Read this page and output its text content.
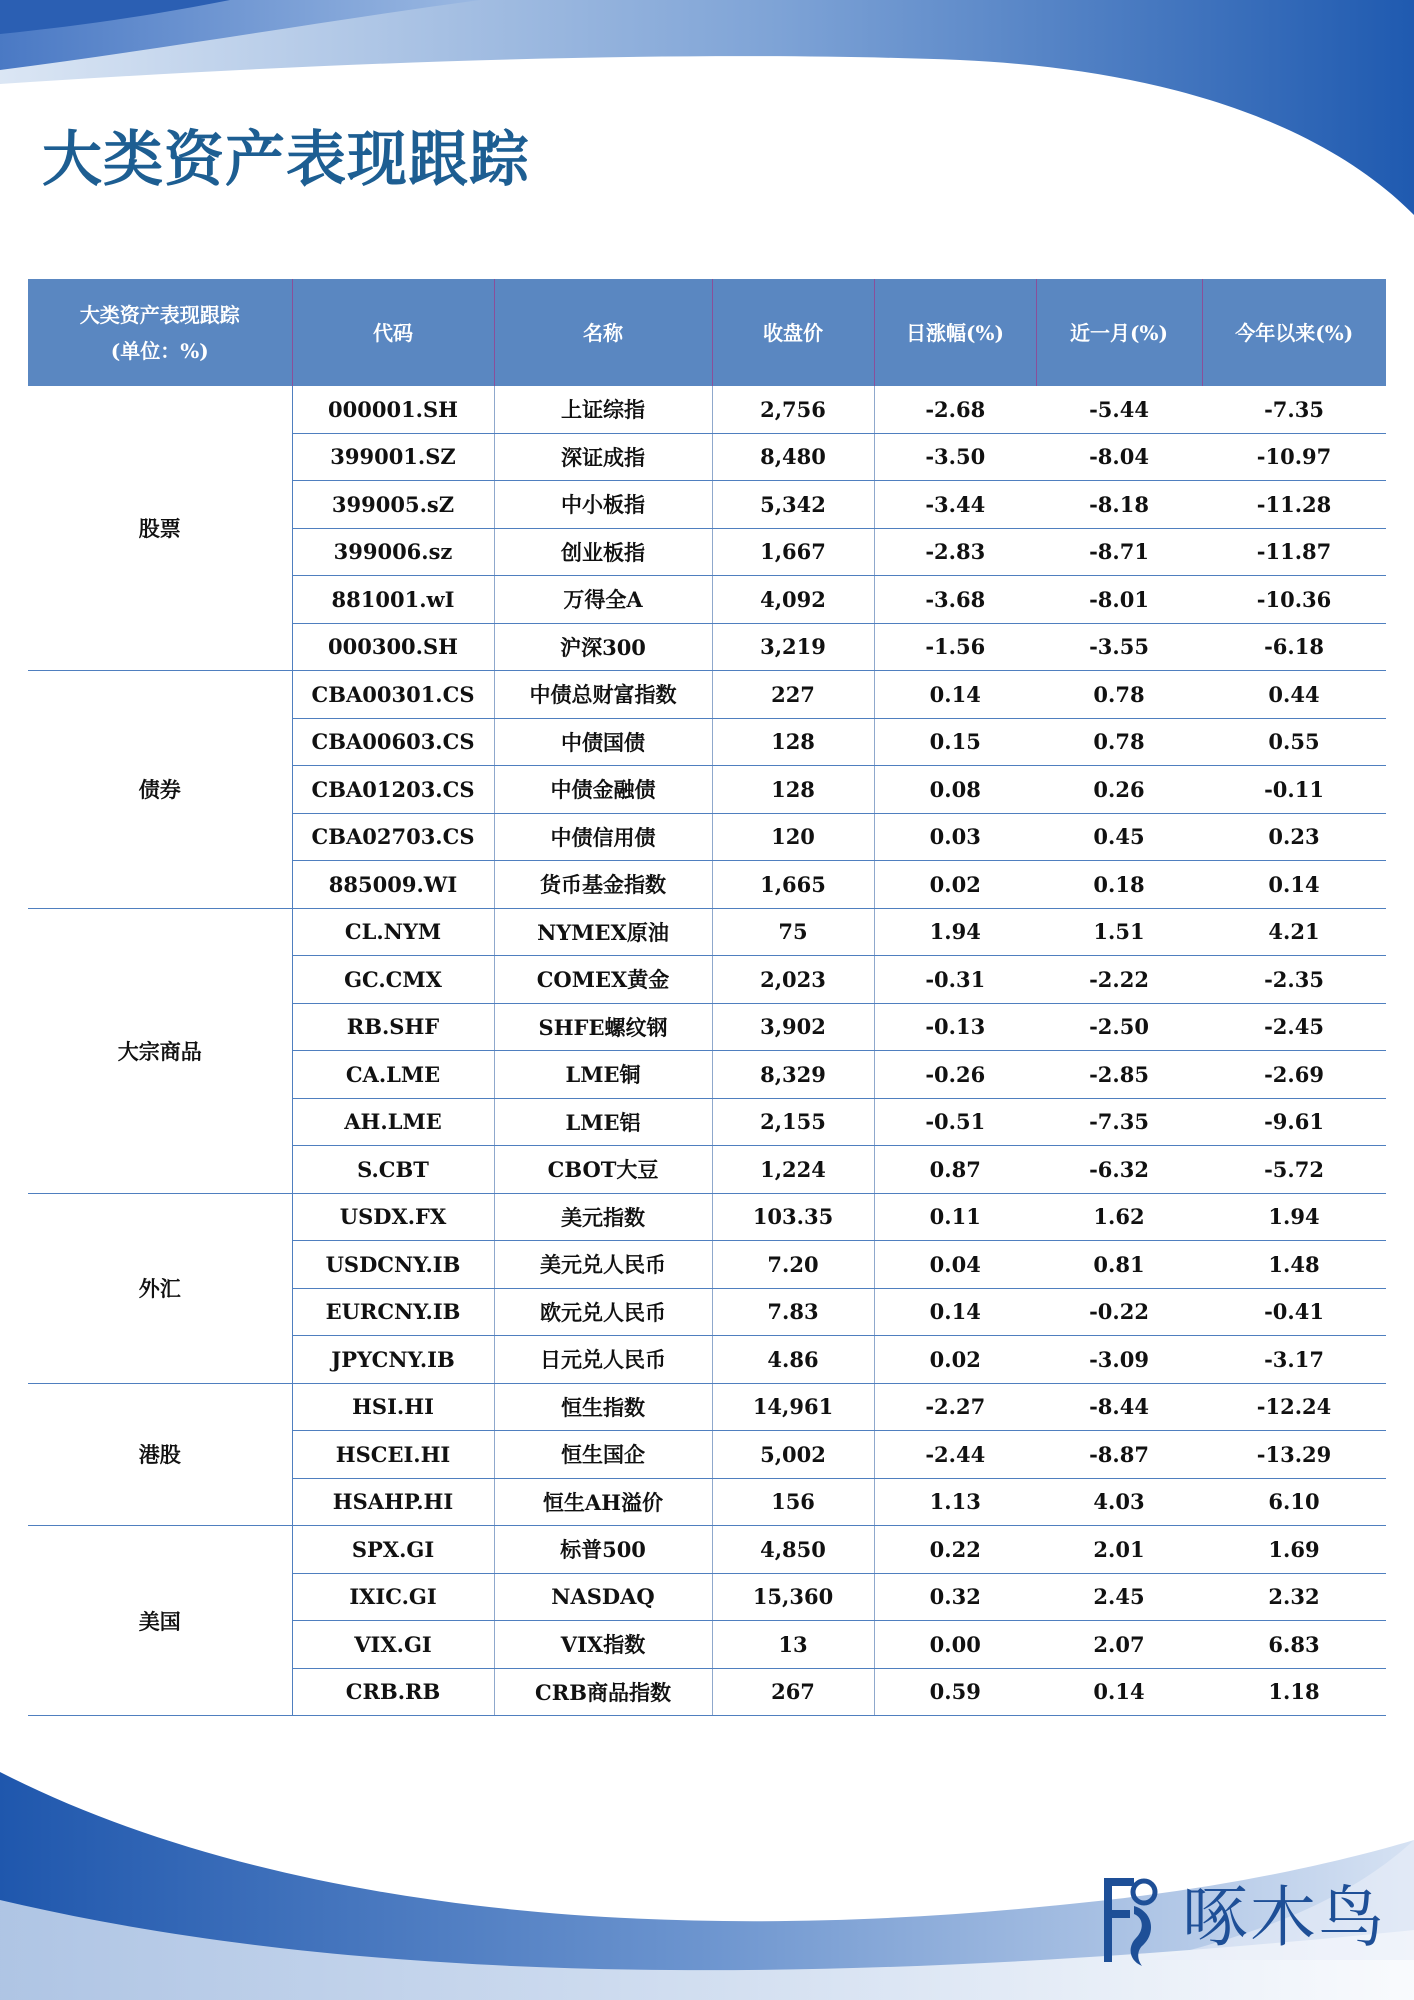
大类资产表现跟踪
大类资产表现跟踪
(单位：%)	代码	名称	收盘价	日涨幅(%)	近一月(%)	今年以来(%)
股票	000001.SH	上证综指	2,756	-2.68	-5.44	-7.35
	399001.SZ	深证成指	8,480	-3.50	-8.04	-10.97
	399005.sZ	中小板指	5,342	-3.44	-8.18	-11.28
	399006.sz	创业板指	1,667	-2.83	-8.71	-11.87
	881001.wI	万得全A	4,092	-3.68	-8.01	-10.36
	000300.SH	沪深300	3,219	-1.56	-3.55	-6.18
债券	CBA00301.CS	中债总财富指数	227	0.14	0.78	0.44
	CBA00603.CS	中债国债	128	0.15	0.78	0.55
	CBA01203.CS	中债金融债	128	0.08	0.26	-0.11
	CBA02703.CS	中债信用债	120	0.03	0.45	0.23
	885009.WI	货币基金指数	1,665	0.02	0.18	0.14
大宗商品	CL.NYM	NYMEX原油	75	1.94	1.51	4.21
	GC.CMX	COMEX黄金	2,023	-0.31	-2.22	-2.35
	RB.SHF	SHFE螺纹钢	3,902	-0.13	-2.50	-2.45
	CA.LME	LME铜	8,329	-0.26	-2.85	-2.69
	AH.LME	LME铝	2,155	-0.51	-7.35	-9.61
	S.CBT	CBOT大豆	1,224	0.87	-6.32	-5.72
外汇	USDX.FX	美元指数	103.35	0.11	1.62	1.94
	USDCNY.IB	美元兑人民币	7.20	0.04	0.81	1.48
	EURCNY.IB	欧元兑人民币	7.83	0.14	-0.22	-0.41
	JPYCNY.IB	日元兑人民币	4.86	0.02	-3.09	-3.17
港股	HSI.HI	恒生指数	14,961	-2.27	-8.44	-12.24
	HSCEI.HI	恒生国企	5,002	-2.44	-8.87	-13.29
	HSAHP.HI	恒生AH溢价	156	1.13	4.03	6.10
美国	SPX.GI	标普500	4,850	0.22	2.01	1.69
	IXIC.GI	NASDAQ	15,360	0.32	2.45	2.32
	VIX.GI	VIX指数	13	0.00	2.07	6.83
	CRB.RB	CRB商品指数	267	0.59	0.14	1.18
啄木鸟
